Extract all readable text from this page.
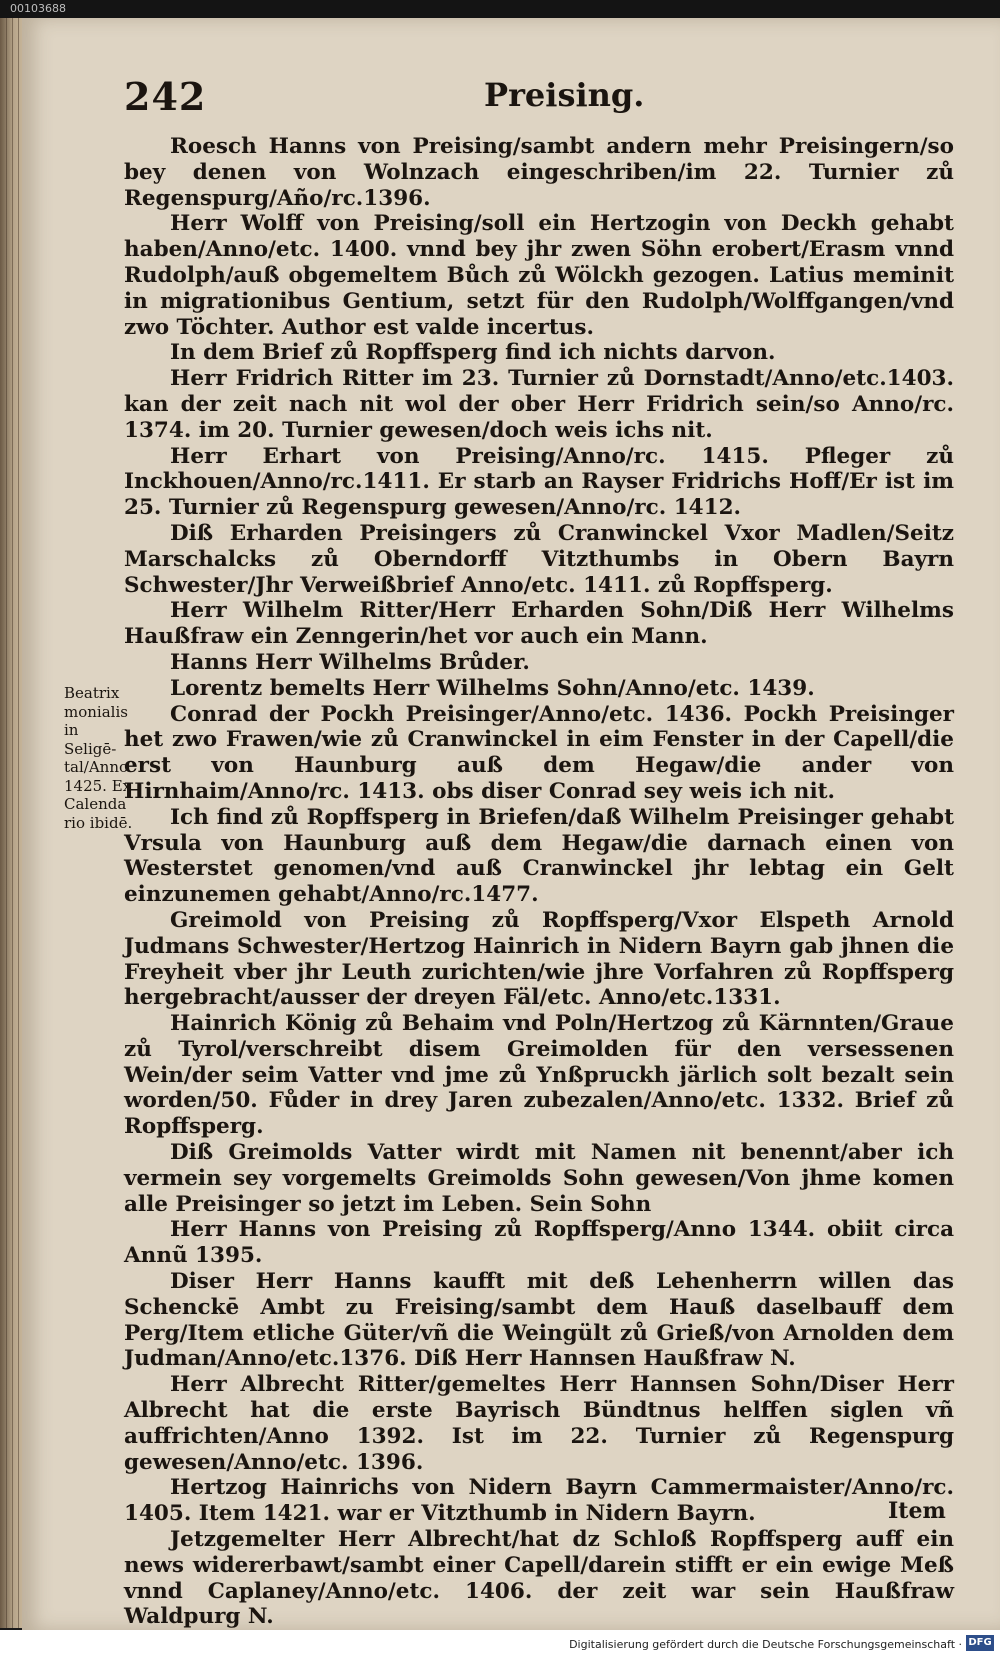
00103688
242	Preising.

Roesch Hanns von Preising/sambt andern mehr Preisingern/so bey denen von Wolnzach eingeschriben/im 22. Turnier zů Regenspurg/Año/rc.1396.

Herr Wolff von Preising/soll ein Hertzogin von Deckh gehabt haben/Anno/etc. 1400. vnnd bey jhr zwen Söhn erobert/Erasm vnnd Rudolph/auß obgemeltem Bůch zů Wölckh gezogen. Latius meminit in migrationibus Gentium, setzt für den Rudolph/Wolffgangen/vnd zwo Töchter. Author est valde incertus.

In dem Brief zů Ropffsperg find ich nichts darvon.

Herr Fridrich Ritter im 23. Turnier zů Dornstadt/Anno/etc.1403. kan der zeit nach nit wol der ober Herr Fridrich sein/so Anno/rc. 1374. im 20. Turnier gewesen/doch weis ichs nit.

Herr Erhart von Preising/Anno/rc. 1415. Pfleger zů Inckhouen/Anno/rc.1411. Er starb an Rayser Fridrichs Hoff/Er ist im 25. Turnier zů Regenspurg gewesen/Anno/rc. 1412.

Diß Erharden Preisingers zů Cranwinckel Vxor Madlen/Seitz Marschalcks zů Oberndorff Vitzthumbs in Obern Bayrn Schwester/Jhr Verweißbrief Anno/etc. 1411. zů Ropffsperg.

Herr Wilhelm Ritter/Herr Erharden Sohn/Diß Herr Wilhelms Haußfraw ein Zenngerin/het vor auch ein Mann.

Hanns Herr Wilhelms Brůder.

Lorentz bemelts Herr Wilhelms Sohn/Anno/etc. 1439.

Conrad der Pockh Preisinger/Anno/etc. 1436. Pockh Preisinger het zwo Frawen/wie zů Cranwinckel in eim Fenster in der Capell/die erst von Haunburg auß dem Hegaw/die ander von Hirnhaim/Anno/rc. 1413. obs diser Conrad sey weis ich nit.

Ich find zů Ropffsperg in Briefen/daß Wilhelm Preisinger gehabt Vrsula von Haunburg auß dem Hegaw/die darnach einen von Westerstet genomen/vnd auß Cranwinckel jhr lebtag ein Gelt einzunemen gehabt/Anno/rc.1477.

Greimold von Preising zů Ropffsperg/Vxor Elspeth Arnold Judmans Schwester/Hertzog Hainrich in Nidern Bayrn gab jhnen die Freyheit vber jhr Leuth zurichten/wie jhre Vorfahren zů Ropffsperg hergebracht/ausser der dreyen Fäl/etc. Anno/etc.1331.

Hainrich König zů Behaim vnd Poln/Hertzog zů Kärnnten/Graue zů Tyrol/verschreibt disem Greimolden für den versessenen Wein/der seim Vatter vnd jme zů Ynßpruckh järlich solt bezalt sein worden/50. Fůder in drey Jaren zubezalen/Anno/etc. 1332. Brief zů Ropffsperg.

Diß Greimolds Vatter wirdt mit Namen nit benennt/aber ich vermein sey vorgemelts Greimolds Sohn gewesen/Von jhme komen alle Preisinger so jetzt im Leben. Sein Sohn

Herr Hanns von Preising zů Ropffsperg/Anno 1344. obiit circa Annũ 1395.

Diser Herr Hanns kaufft mit deß Lehenherrn willen das Schenckē Ambt zu Freising/sambt dem Hauß daselbauff dem Perg/Item etliche Güter/vñ die Weingült zů Grieß/von Arnolden dem Judman/Anno/etc.1376. Diß Herr Hannsen Haußfraw N.

Herr Albrecht Ritter/gemeltes Herr Hannsen Sohn/Diser Herr Albrecht hat die erste Bayrisch Bündtnus helffen siglen vñ auffrichten/Anno 1392. Ist im 22. Turnier zů Regenspurg gewesen/Anno/etc. 1396.

Hertzog Hainrichs von Nidern Bayrn Cammermaister/Anno/rc. 1405. Item 1421. war er Vitzthumb in Nidern Bayrn.

Jetzgemelter Herr Albrecht/hat dz Schloß Ropffsperg auff ein news widererbawt/sambt einer Capell/darein stifft er ein ewige Meß vnnd Caplaney/Anno/etc. 1406. der zeit war sein Haußfraw Waldpurg N.

Item
Beatrix monialis in Seligē-tal/Anno 1425. Ex Calenda rio ibidē.
Digitalisierung gefördert durch die Deutsche Forschungsgemeinschaft · DFG
